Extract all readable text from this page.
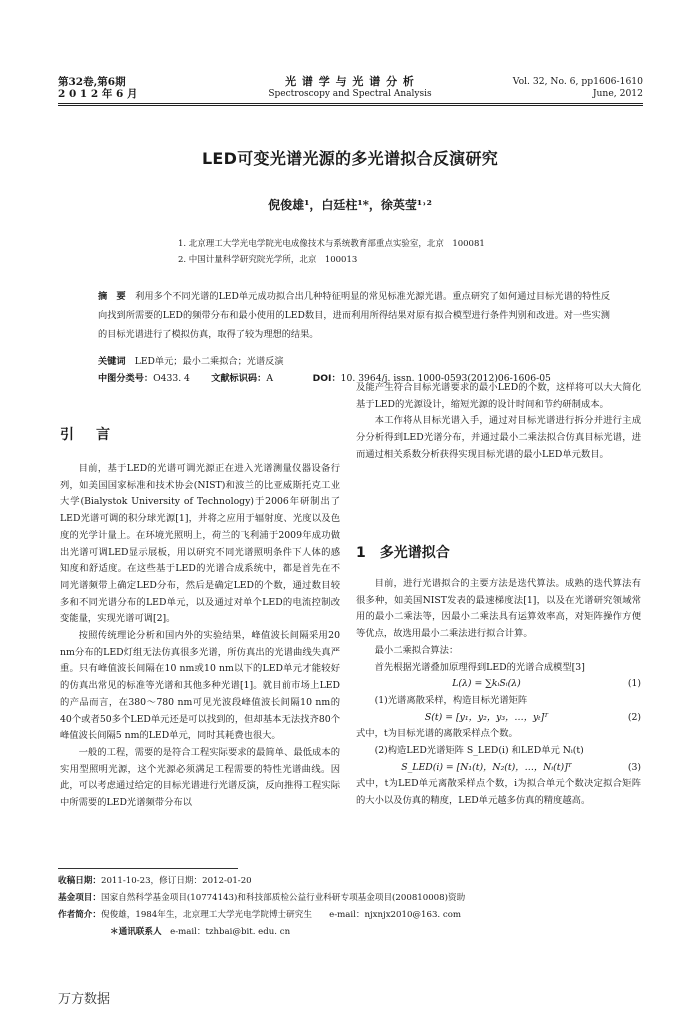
第32卷,第6期
2 0 1 2 年 6 月
光 谱 学 与 光 谱 分 析
Spectroscopy and Spectral Analysis
Vol. 32, No. 6, pp1606-1610
June, 2012
LED可变光谱光源的多光谱拟合反演研究
倪俊雄¹，白廷柱¹*，徐英莹¹˒²
1. 北京理工大学光电学院光电成像技术与系统教育部重点实验室，北京　100081
2. 中国计量科学研究院光学所，北京　100013
摘　要  利用多个不同光谱的LED单元成功拟合出几种特征明显的常见标准光源光谱。重点研究了如何通过目标光谱的特性反向找到所需要的LED的频带分布和最小使用的LED数目，进而利用所得结果对原有拟合模型进行条件判别和改进。对一些实测的目标光谱进行了模拟仿真，取得了较为理想的结果。
关键词  LED单元；最小二乘拟合；光谱反演
中图分类号：O433. 4    文献标识码：A     	DOI：10. 3964/j. issn. 1000-0593(2012)06-1606-05
引　言

目前，基于LED的光谱可调光源正在进入光谱测量仪器设备行列，如美国国家标准和技术协会(NIST)和波兰的比亚威斯托克工业大学(Bialystok University of Technology)于2006年研制出了LED光谱可调的积分球光源[1]，并将之应用于辐射度、光度以及色度的光学计量上。在环境光照明上，荷兰的飞利浦于2009年成功做出光谱可调LED显示展板，用以研究不同光谱照明条件下人体的感知度和舒适度。在这些基于LED的光谱合成系统中，都是首先在不同光谱频带上确定LED分布，然后是确定LED的个数，通过数目较多和不同光谱分布的LED单元，以及通过对单个LED的电流控制改变能量，实现光谱可调[2]。

按照传统理论分析和国内外的实验结果，峰值波长间隔采用20 nm分布的LED灯组无法仿真很多光谱，所仿真出的光谱曲线失真严重。只有峰值波长间隔在10 nm或10 nm以下的LED单元才能较好的仿真出常见的标准等光谱和其他多种光谱[1]。就目前市场上LED的产品而言，在380～780 nm可见光波段峰值波长间隔10 nm的40个或者50多个LED单元还是可以找到的，但却基本无法找齐80个峰值波长间隔5 nm的LED单元，同时其耗费也很大。

一般的工程，需要的是符合工程实际要求的最简单、最低成本的实用型照明光源，这个光源必须满足工程需要的特性光谱曲线。因此，可以考虑通过给定的目标光谱进行光谱反演，反向推得工程实际中所需要的LED光谱频带分布以

及能产生符合目标光谱要求的最小LED的个数，这样将可以大大简化基于LED的光源设计，缩短光源的设计时间和节约研制成本。

本工作将从目标光谱入手，通过对目标光谱进行拆分并进行主成分分析得到LED光谱分布，并通过最小二乘法拟合仿真目标光谱，进而通过相关系数分析获得实现目标光谱的最小LED单元数目。

1　多光谱拟合

目前，进行光谱拟合的主要方法是迭代算法。成熟的迭代算法有很多种，如美国NIST发表的最速梯度法[1]，以及在光谱研究领域常用的最小二乘法等，因最小二乘法具有运算效率高，对矩阵操作方便等优点，故选用最小二乘法进行拟合计算。

最小二乘拟合算法：

首先根据光谱叠加原理得到LED的光谱合成模型[3]

L(λ) = ∑kᵢSᵢ(λ)	(1)

(1)光谱离散采样，构造目标光谱矩阵

S(t) = [y₁，y₂，y₃，…，yₜ]ᵀ	(2)

式中，t为目标光谱的离散采样点个数。

(2)构造LED光谱矩阵 S_LED(i) 和LED单元 Nᵢ(t)

S_LED(i) = [N₁(t)，N₂(t)，…，Nᵢ(t)]ᵀ	(3)

式中，t为LED单元离散采样点个数，i为拟合单元个数决定拟合矩阵的大小以及仿真的精度，LED单元越多仿真的精度越高。

收稿日期：2011-10-23，修订日期：2012-01-20
基金项目：国家自然科学基金项目(10774143)和科技部质检公益行业科研专项基金项目(200810008)资助
作者简介：倪俊雄，1984年生，北京理工大学光电学院博士研究生　　e-mail：njxnjx2010@163. com
＊通讯联系人　e-mail：tzhbai@bit. edu. cn
万方数据
